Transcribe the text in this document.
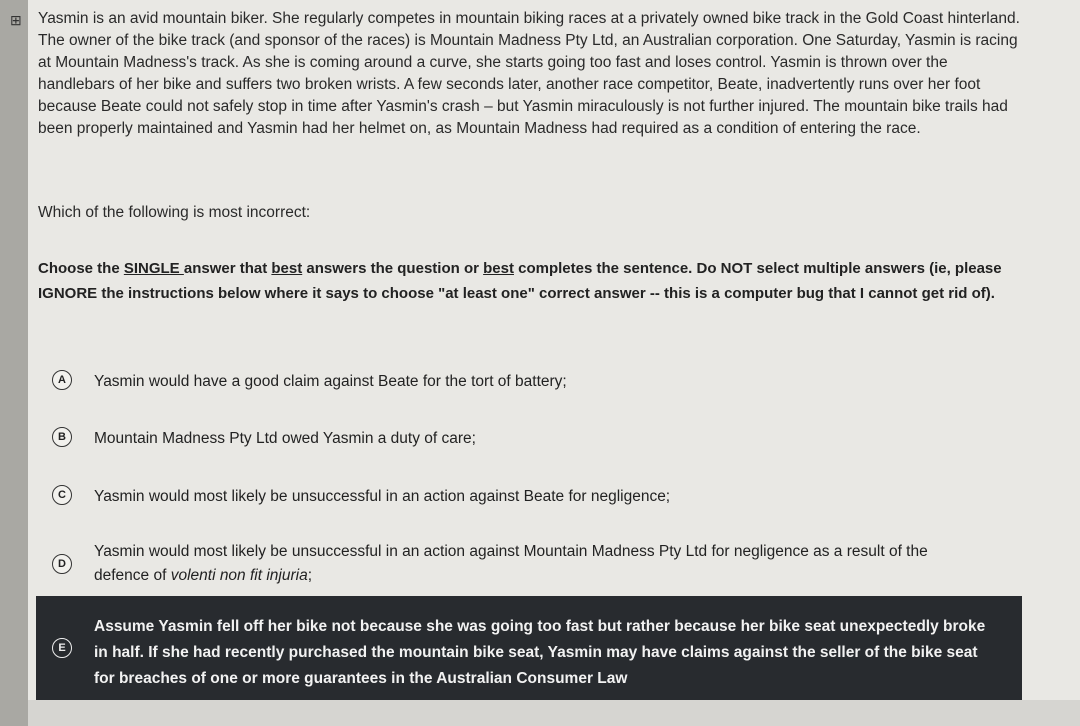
⊞ Yasmin is an avid mountain biker. She regularly competes in mountain biking races at a privately owned bike track in the Gold Coast hinterland. The owner of the bike track (and sponsor of the races) is Mountain Madness Pty Ltd, an Australian corporation. One Saturday, Yasmin is racing at Mountain Madness's track. As she is coming around a curve, she starts going too fast and loses control. Yasmin is thrown over the handlebars of her bike and suffers two broken wrists. A few seconds later, another race competitor, Beate, inadvertently runs over her foot because Beate could not safely stop in time after Yasmin's crash – but Yasmin miraculously is not further injured. The mountain bike trails had been properly maintained and Yasmin had her helmet on, as Mountain Madness had required as a condition of entering the race.

Which of the following is most incorrect:
Choose the SINGLE answer that best answers the question or best completes the sentence. Do NOT select multiple answers (ie, please IGNORE the instructions below where it says to choose "at least one" correct answer -- this is a computer bug that I cannot get rid of).
A	Yasmin would have a good claim against Beate for the tort of battery;
B	Mountain Madness Pty Ltd owed Yasmin a duty of care;
C	Yasmin would most likely be unsuccessful in an action against Beate for negligence;
D
Yasmin would most likely be unsuccessful in an action against Mountain Madness Pty Ltd for negligence as a result of the defence of volenti non fit injuria;
E
Assume Yasmin fell off her bike not because she was going too fast but rather because her bike seat unexpectedly broke in half. If she had recently purchased the mountain bike seat, Yasmin may have claims against the seller of the bike seat for breaches of one or more guarantees in the Australian Consumer Law
